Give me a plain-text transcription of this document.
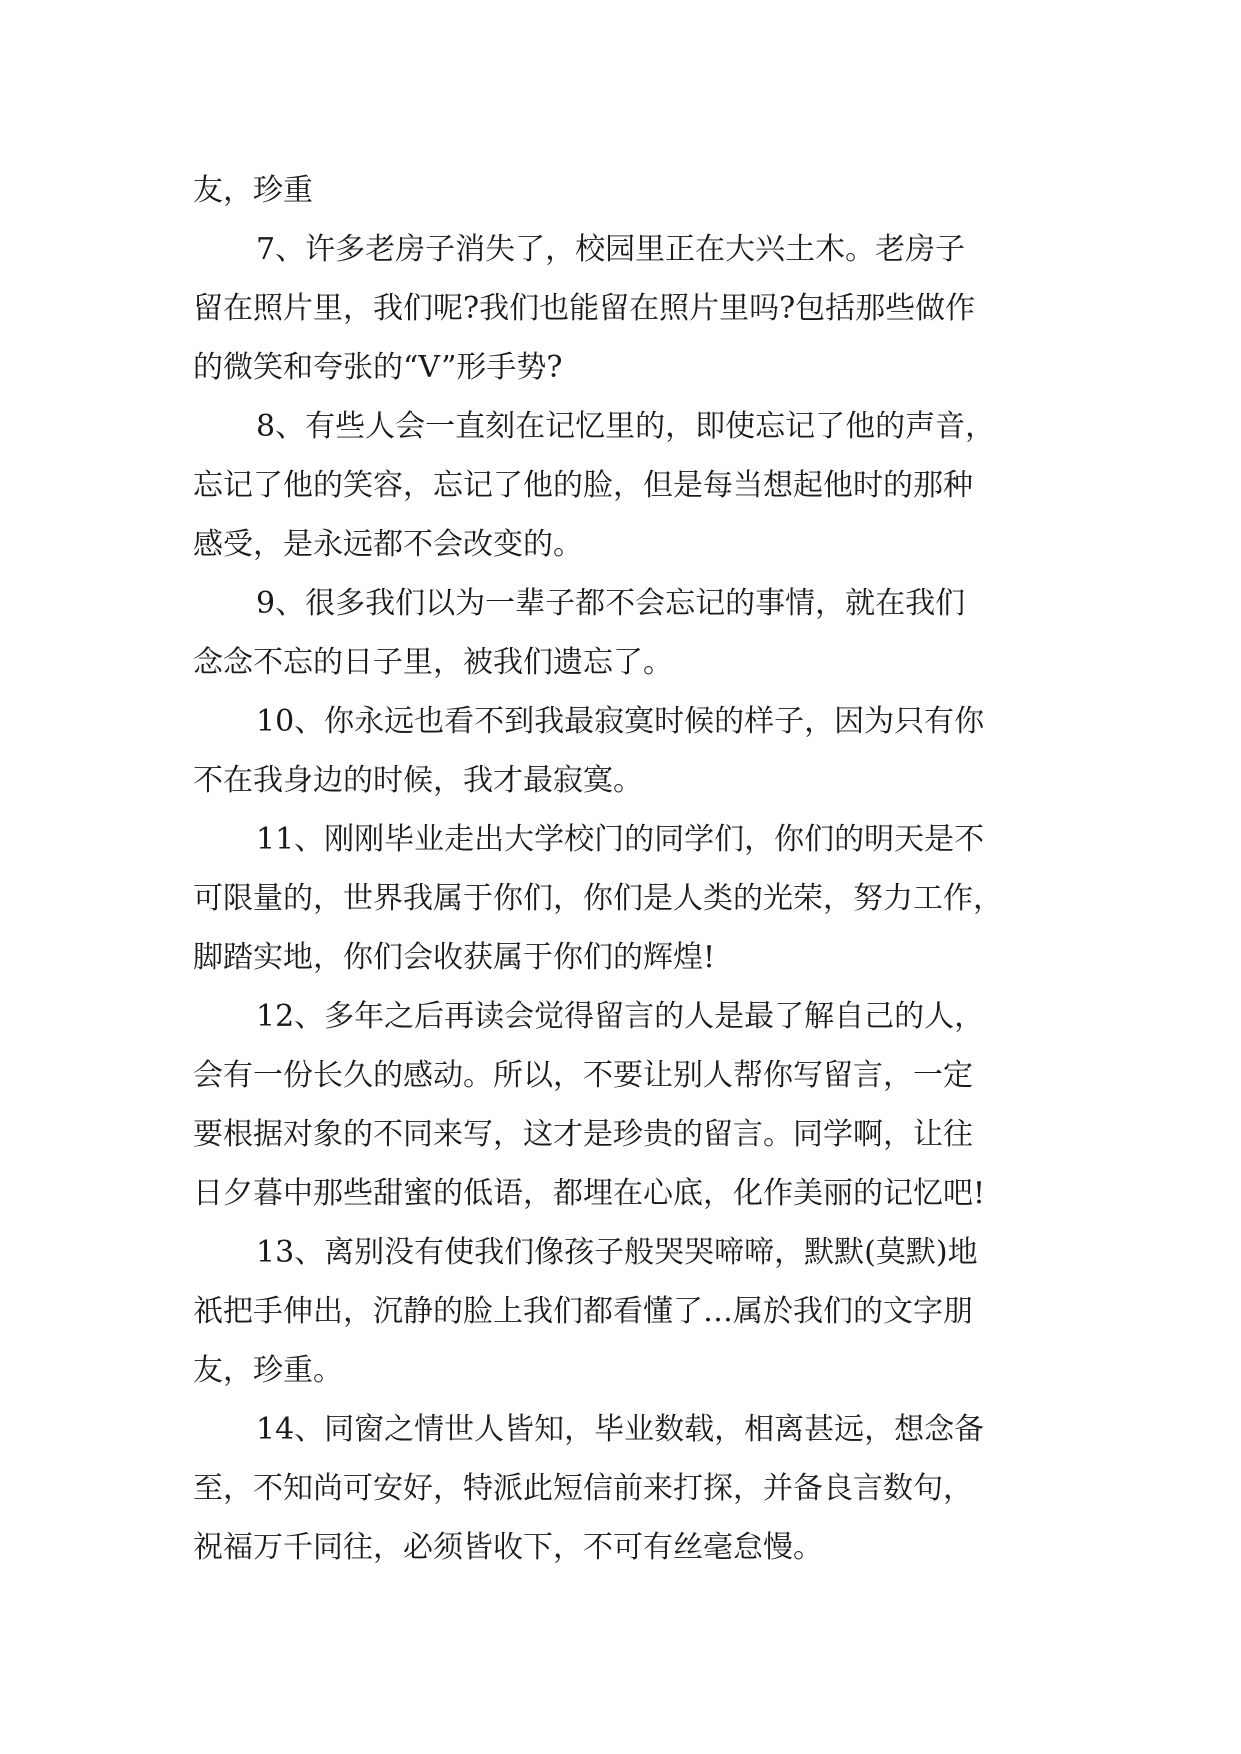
友，珍重

7、许多老房子消失了，校园里正在大兴土木。老房子
留在照片里，我们呢?我们也能留在照片里吗?包括那些做作
的微笑和夸张的“V”形手势?

8、有些人会一直刻在记忆里的，即使忘记了他的声音，
忘记了他的笑容，忘记了他的脸，但是每当想起他时的那种
感受，是永远都不会改变的。

9、很多我们以为一辈子都不会忘记的事情，就在我们
念念不忘的日子里，被我们遗忘了。

10、你永远也看不到我最寂寞时候的样子，因为只有你
不在我身边的时候，我才最寂寞。

11、刚刚毕业走出大学校门的同学们，你们的明天是不
可限量的，世界我属于你们，你们是人类的光荣，努力工作，
脚踏实地，你们会收获属于你们的辉煌!

12、多年之后再读会觉得留言的人是最了解自己的人，
会有一份长久的感动。所以，不要让别人帮你写留言，一定
要根据对象的不同来写，这才是珍贵的留言。同学啊，让往
日夕暮中那些甜蜜的低语，都埋在心底，化作美丽的记忆吧!

13、离别没有使我们像孩子般哭哭啼啼，默默(莫默)地
祇把手伸出，沉静的脸上我们都看懂了…属於我们的文字朋
友，珍重。

14、同窗之情世人皆知，毕业数载，相离甚远，想念备
至，不知尚可安好，特派此短信前来打探，并备良言数句，
祝福万千同往，必须皆收下，不可有丝毫怠慢。
